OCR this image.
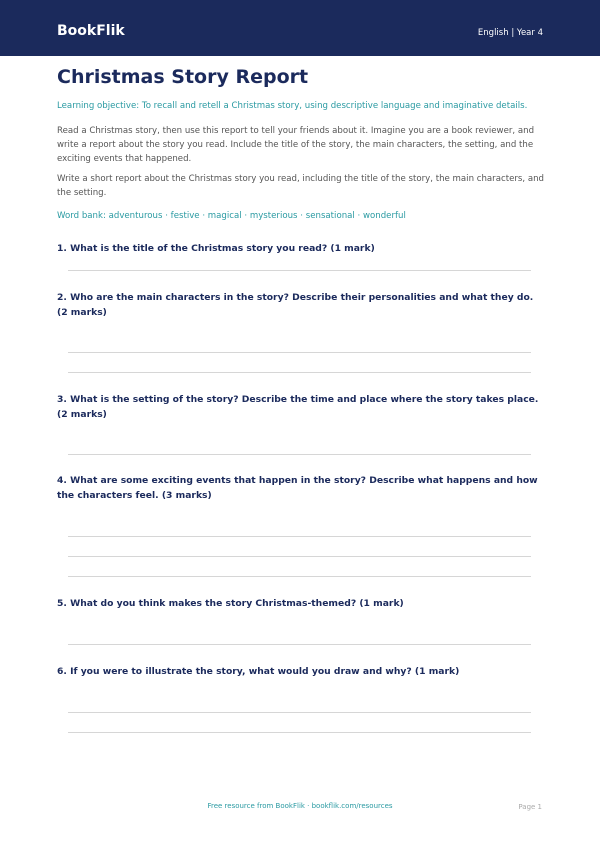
BookFlik	English | Year 4
Christmas Story Report
Learning objective: To recall and retell a Christmas story, using descriptive language and imaginative details.
Read a Christmas story, then use this report to tell your friends about it. Imagine you are a book reviewer, and write a report about the story you read. Include the title of the story, the main characters, the setting, and the exciting events that happened.
Write a short report about the Christmas story you read, including the title of the story, the main characters, and the setting.
Word bank: adventurous · festive · magical · mysterious · sensational · wonderful
1. What is the title of the Christmas story you read? (1 mark)
2. Who are the main characters in the story? Describe their personalities and what they do. (2 marks)
3. What is the setting of the story? Describe the time and place where the story takes place. (2 marks)
4. What are some exciting events that happen in the story? Describe what happens and how the characters feel. (3 marks)
5. What do you think makes the story Christmas-themed? (1 mark)
6. If you were to illustrate the story, what would you draw and why? (1 mark)
Free resource from BookFlik · bookflik.com/resources	Page 1
